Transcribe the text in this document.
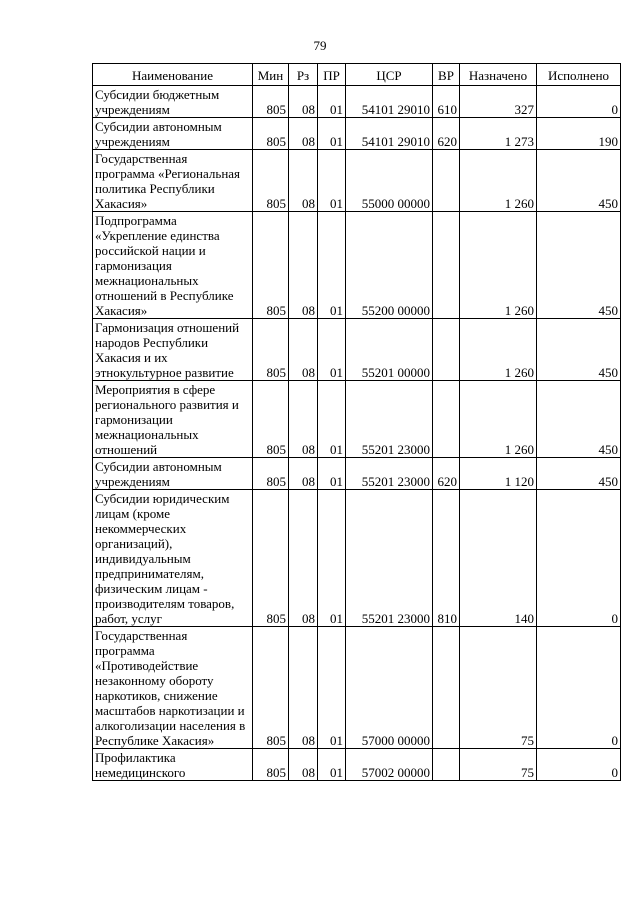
79
Наименование	Мин	Рз	ПР	ЦСР	ВР	Назначено	Исполнено
Субсидии бюджетным учреждениям	805	08	01	54101 29010	610	327	0
Субсидии автономным учреждениям	805	08	01	54101 29010	620	1 273	190
Государственная программа «Региональная политика Республики Хакасия»	805	08	01	55000 00000		1 260	450
Подпрограмма «Укрепление единства российской нации и гармонизация межнациональных отношений в Республике Хакасия»	805	08	01	55200 00000		1 260	450
Гармонизация отношений народов Республики Хакасия и их этнокультурное развитие	805	08	01	55201 00000		1 260	450
Мероприятия в сфере регионального развития и гармонизации межнациональных отношений	805	08	01	55201 23000		1 260	450
Субсидии автономным учреждениям	805	08	01	55201 23000	620	1 120	450
Субсидии юридическим лицам (кроме некоммерческих организаций), индивидуальным предпринимателям, физическим лицам - производителям товаров, работ, услуг	805	08	01	55201 23000	810	140	0
Государственная программа «Противодействие незаконному обороту наркотиков, снижение масштабов наркотизации и алкоголизации населения в Республике Хакасия»	805	08	01	57000 00000		75	0
Профилактика немедицинского	805	08	01	57002 00000		75	0
